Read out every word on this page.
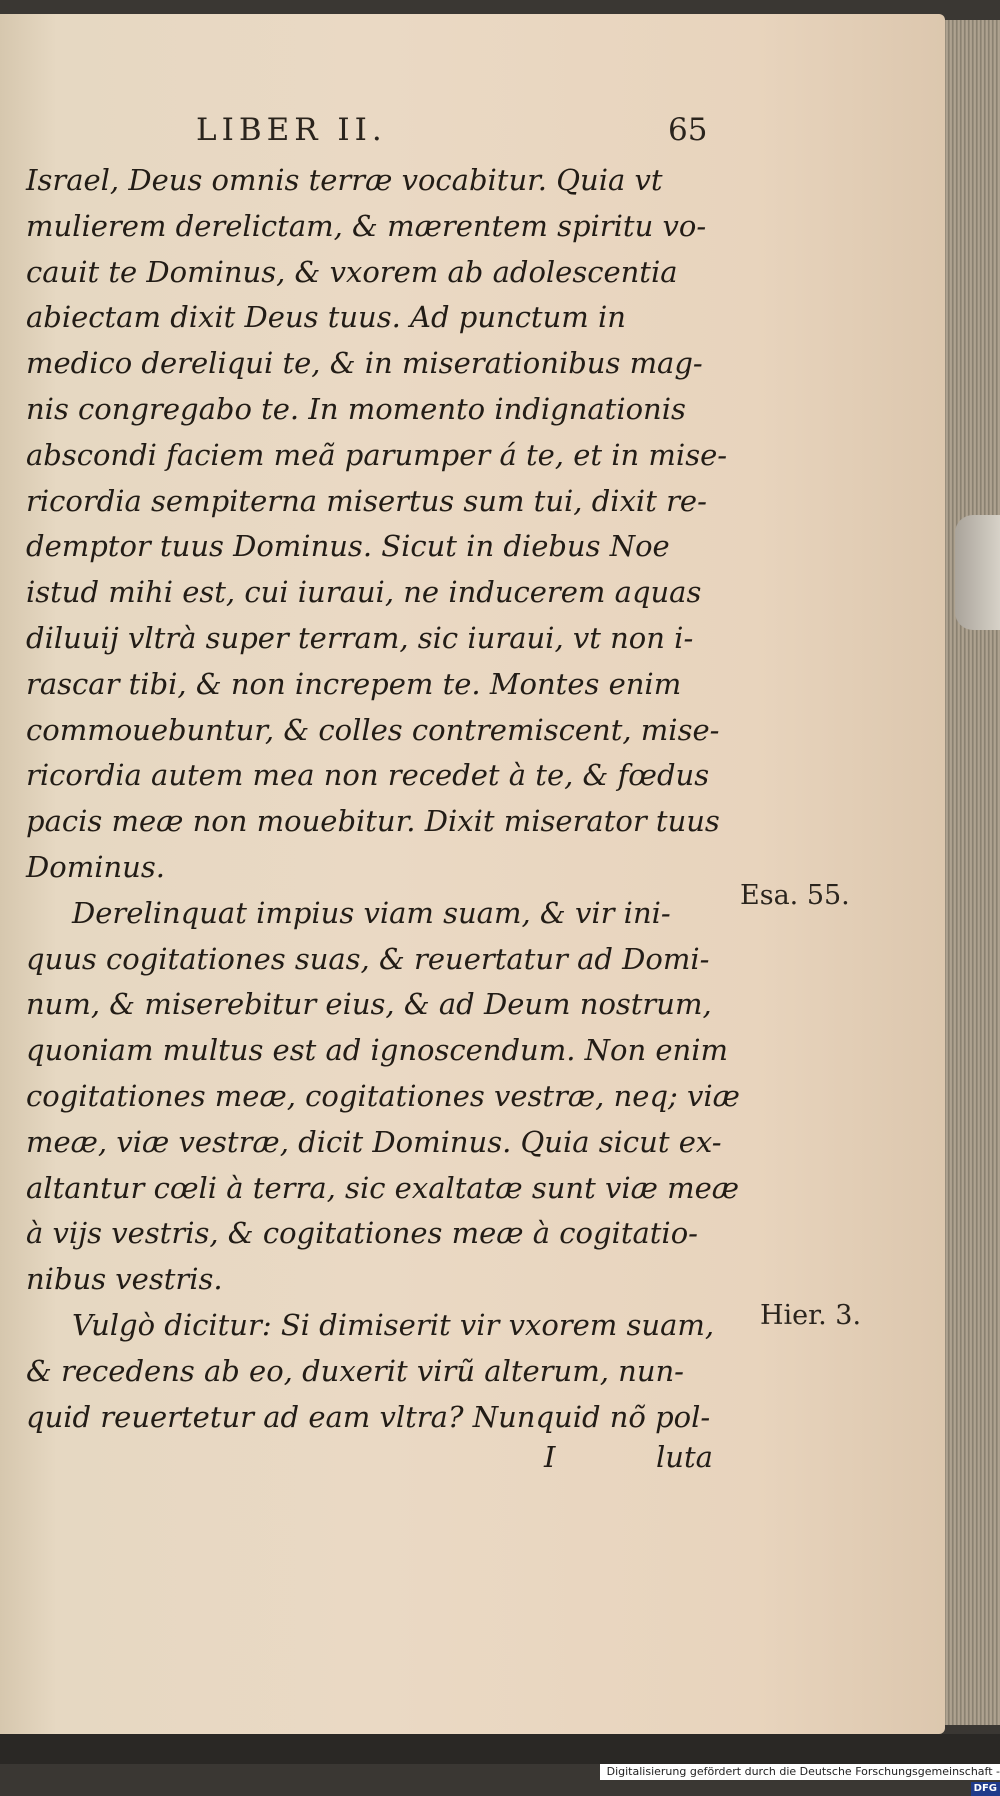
LIBER II.	65
Israel, Deus omnis terræ vocabitur. Quia vt
mulierem derelictam, & mærentem spiritu vo-
cauit te Dominus, & vxorem ab adolescentia
abiectam dixit Deus tuus. Ad punctum in
medico dereliqui te, & in miserationibus mag-
nis congregabo te. In momento indignationis
abscondi faciem meã parumper á te, et in mise-
ricordia sempiterna misertus sum tui, dixit re-
demptor tuus Dominus. Sicut in diebus Noe
istud mihi est, cui iuraui, ne inducerem aquas
diluuij vltrà super terram, sic iuraui, vt non i-
rascar tibi, & non increpem te. Montes enim
commouebuntur, & colles contremiscent, mise-
ricordia autem mea non recedet à te, & fœdus
pacis meæ non mouebitur. Dixit miserator tuus
Dominus.
Derelinquat impius viam suam, & vir ini-
quus cogitationes suas, & reuertatur ad Domi-
num, & miserebitur eius, & ad Deum nostrum,
quoniam multus est ad ignoscendum. Non enim
cogitationes meæ, cogitationes vestræ, neq; viæ
meæ, viæ vestræ, dicit Dominus. Quia sicut ex-
altantur cœli à terra, sic exaltatæ sunt viæ meæ
à vijs vestris, & cogitationes meæ à cogitatio-
nibus vestris.
Vulgò dicitur: Si dimiserit vir vxorem suam,
& recedens ab eo, duxerit virũ alterum, nun-
quid reuertetur ad eam vltra? Nunquid nõ pol-
Esa. 55.
Hier. 3.
I	luta
Digitalisierung gefördert durch die Deutsche Forschungsgemeinschaft -DFG
